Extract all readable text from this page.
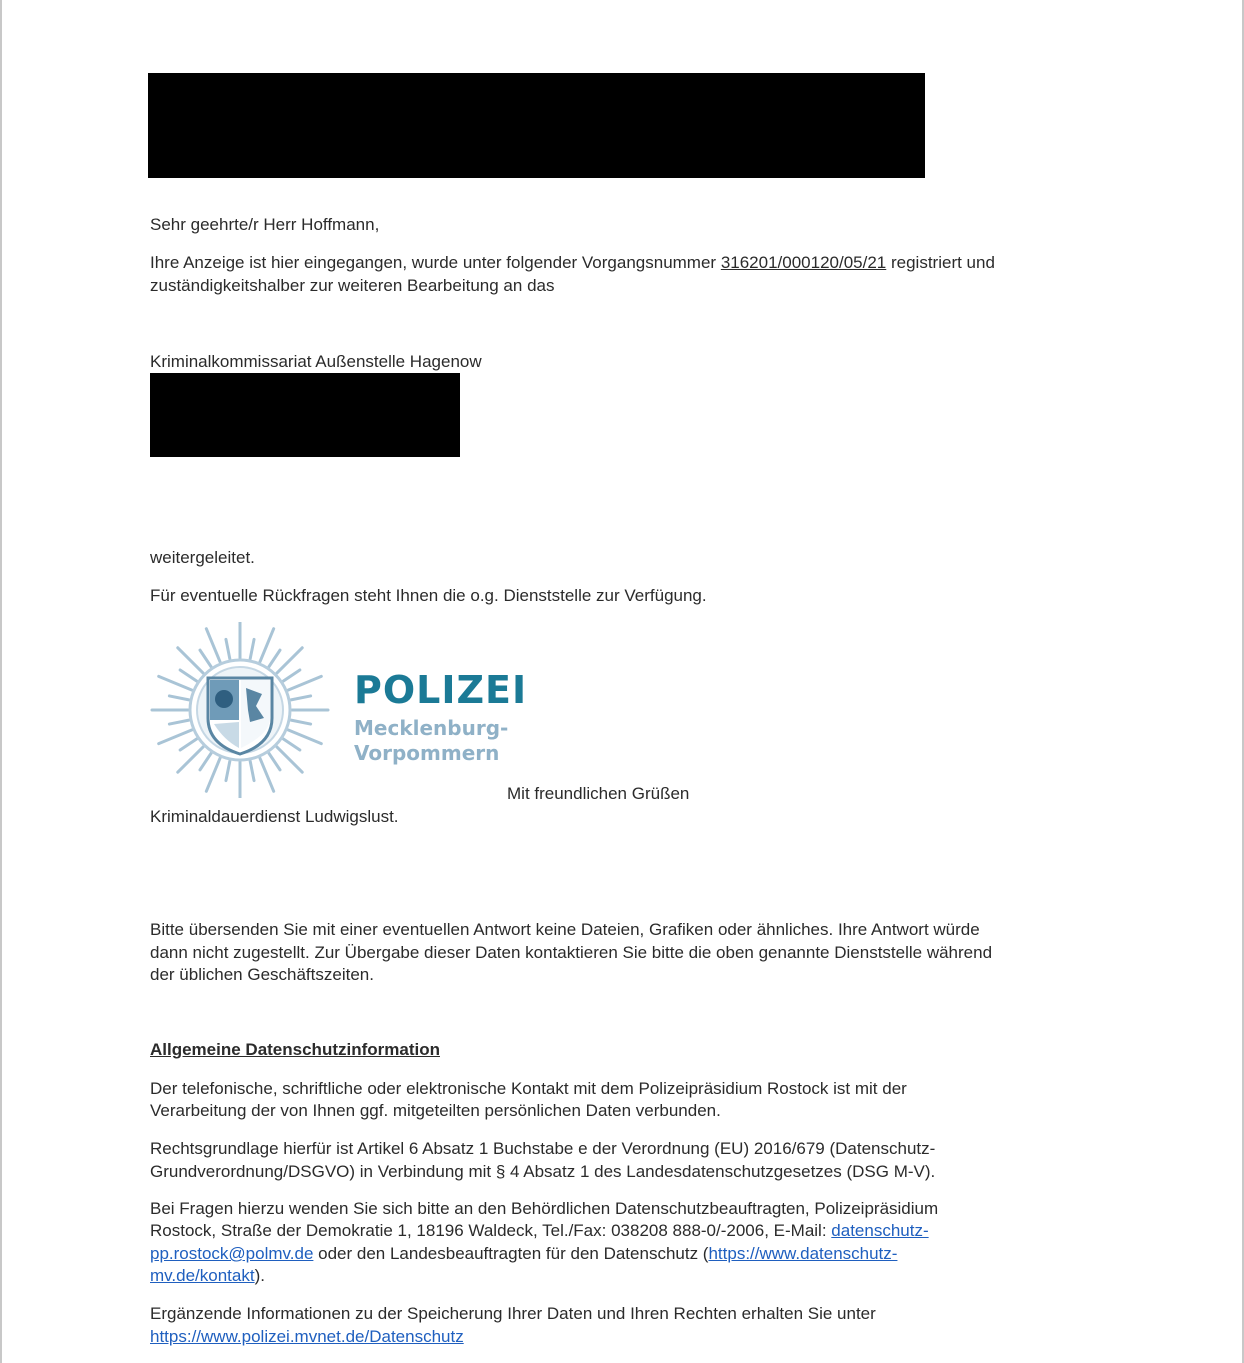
Sehr geehrte/r Herr Hoffmann,
Ihre Anzeige ist hier eingegangen, wurde unter folgender Vorgangsnummer 316201/000120/05/21 registriert und
zuständigkeitshalber zur weiteren Bearbeitung an das
Kriminalkommissariat Außenstelle Hagenow
weitergeleitet.
Für eventuelle Rückfragen steht Ihnen die o.g. Dienststelle zur Verfügung.
POLIZEI
Mecklenburg-
Vorpommern
Mit freundlichen Grüßen
Kriminaldauerdienst Ludwigslust.
Bitte übersenden Sie mit einer eventuellen Antwort keine Dateien, Grafiken oder ähnliches. Ihre Antwort würde
dann nicht zugestellt. Zur Übergabe dieser Daten kontaktieren Sie bitte die oben genannte Dienststelle während
der üblichen Geschäftszeiten.
Allgemeine Datenschutzinformation
Der telefonische, schriftliche oder elektronische Kontakt mit dem Polizeipräsidium Rostock ist mit der
Verarbeitung der von Ihnen ggf. mitgeteilten persönlichen Daten verbunden.
Rechtsgrundlage hierfür ist Artikel 6 Absatz 1 Buchstabe e der Verordnung (EU) 2016/679 (Datenschutz-
Grundverordnung/DSGVO) in Verbindung mit § 4 Absatz 1 des Landesdatenschutzgesetzes (DSG M-V).
Bei Fragen hierzu wenden Sie sich bitte an den Behördlichen Datenschutzbeauftragten, Polizeipräsidium
Rostock, Straße der Demokratie 1, 18196 Waldeck, Tel./Fax: 038208 888-0/-2006, E-Mail: datenschutz-
pp.rostock@polmv.de oder den Landesbeauftragten für den Datenschutz (https://www.datenschutz-
mv.de/kontakt).
Ergänzende Informationen zu der Speicherung Ihrer Daten und Ihren Rechten erhalten Sie unter
https://www.polizei.mvnet.de/Datenschutz
